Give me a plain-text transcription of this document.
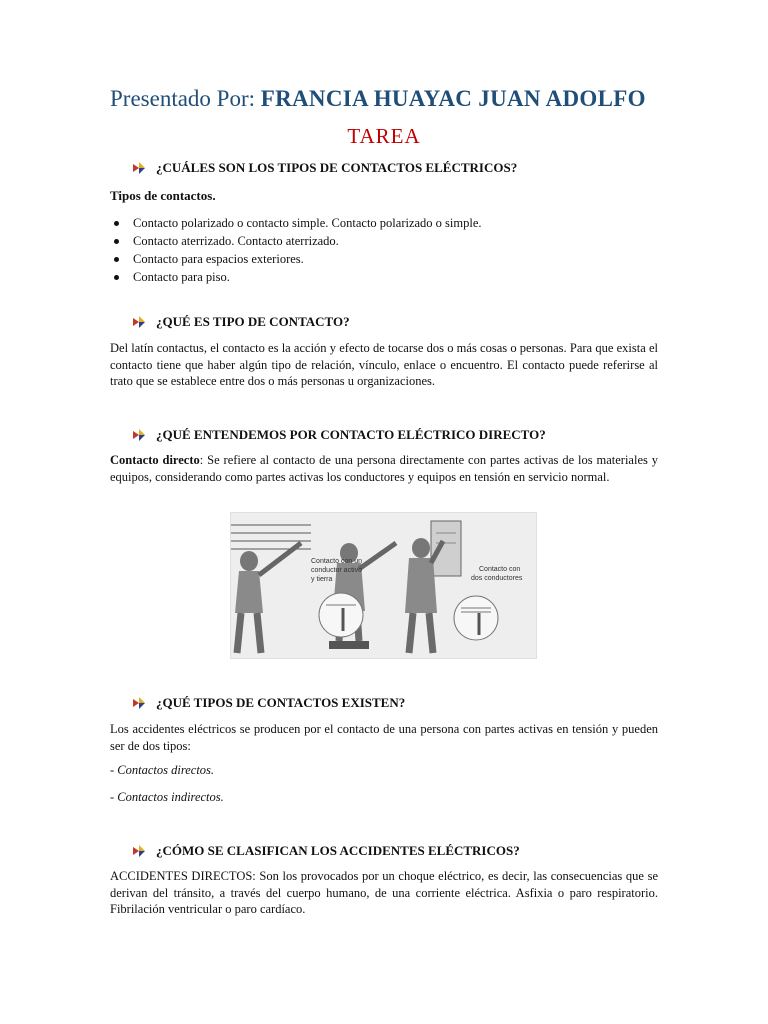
Presentado Por: FRANCIA HUAYAC JUAN ADOLFO
TAREA
¿CUÁLES SON LOS TIPOS DE CONTACTOS ELÉCTRICOS?
Tipos de contactos.
Contacto polarizado o contacto simple. Contacto polarizado o simple.
Contacto aterrizado. Contacto aterrizado.
Contacto para espacios exteriores.
Contacto para piso.
¿QUÉ ES TIPO DE CONTACTO?
Del latín contactus, el contacto es la acción y efecto de tocarse dos o más cosas o personas. Para que exista el contacto tiene que haber algún tipo de relación, vínculo, enlace o encuentro. El contacto puede referirse al trato que se establece entre dos o más personas u organizaciones.
¿QUÉ ENTENDEMOS POR CONTACTO ELÉCTRICO DIRECTO?
Contacto directo: Se refiere al contacto de una persona directamente con partes activas de los materiales y equipos, considerando como partes activas los conductores y equipos en tensión en servicio normal.
Contacto con un
conductor activo
y tierra
Contacto con
dos conductores
¿QUÉ TIPOS DE CONTACTOS EXISTEN?
Los accidentes eléctricos se producen por el contacto de una persona con partes activas en tensión y pueden ser de dos tipos:
- Contactos directos.
- Contactos indirectos.
¿CÓMO SE CLASIFICAN LOS ACCIDENTES ELÉCTRICOS?
ACCIDENTES DIRECTOS: Son los provocados por un choque eléctrico, es decir, las consecuencias que se derivan del tránsito, a través del cuerpo humano, de una corriente eléctrica. Asfixia o paro respiratorio. Fibrilación ventricular o paro cardíaco.
